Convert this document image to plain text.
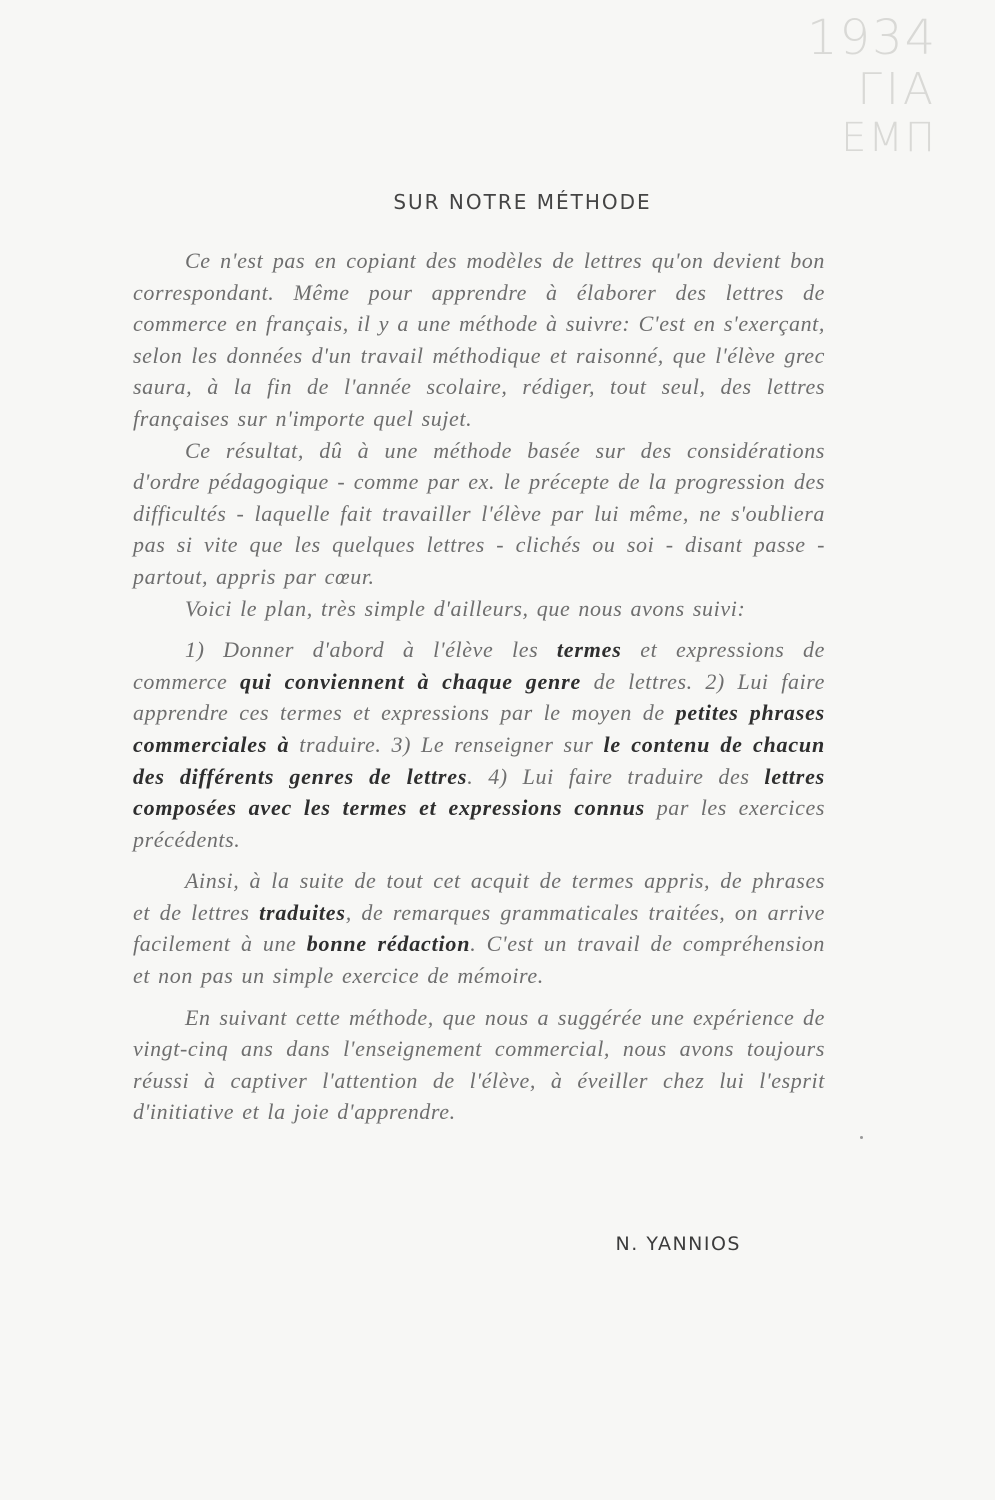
1934
ΓΙΑ
ΕΜΠ
SUR NOTRE MÉTHODE

Ce n'est pas en copiant des modèles de lettres qu'on devient bon correspondant. Même pour apprendre à élaborer des lettres de commerce en français, il y a une méthode à suivre: C'est en s'exerçant, selon les données d'un travail méthodique et raisonné, que l'élève grec saura, à la fin de l'année scolaire, rédiger, tout seul, des lettres françaises sur n'importe quel sujet.

Ce résultat, dû à une méthode basée sur des considérations d'ordre pédagogique - comme par ex. le précepte de la progression des difficultés - laquelle fait travailler l'élève par lui même, ne s'oubliera pas si vite que les quelques lettres - clichés ou soi - disant passe - partout, appris par cœur.

Voici le plan, très simple d'ailleurs, que nous avons suivi:

1) Donner d'abord à l'élève les termes et expressions de commerce qui conviennent à chaque genre de lettres. 2) Lui faire apprendre ces termes et expressions par le moyen de petites phrases commerciales à traduire. 3) Le renseigner sur le contenu de chacun des différents genres de lettres. 4) Lui faire traduire des lettres composées avec les termes et expressions connus par les exercices précédents.

Ainsi, à la suite de tout cet acquit de termes appris, de phrases et de lettres traduites, de remarques grammaticales traitées, on arrive facilement à une bonne rédaction. C'est un travail de compréhension et non pas un simple exercice de mémoire.

En suivant cette méthode, que nous a suggérée une expérience de vingt-cinq ans dans l'enseignement commercial, nous avons toujours réussi à captiver l'attention de l'élève, à éveiller chez lui l'esprit d'initiative et la joie d'apprendre.

N. YANNIOS
